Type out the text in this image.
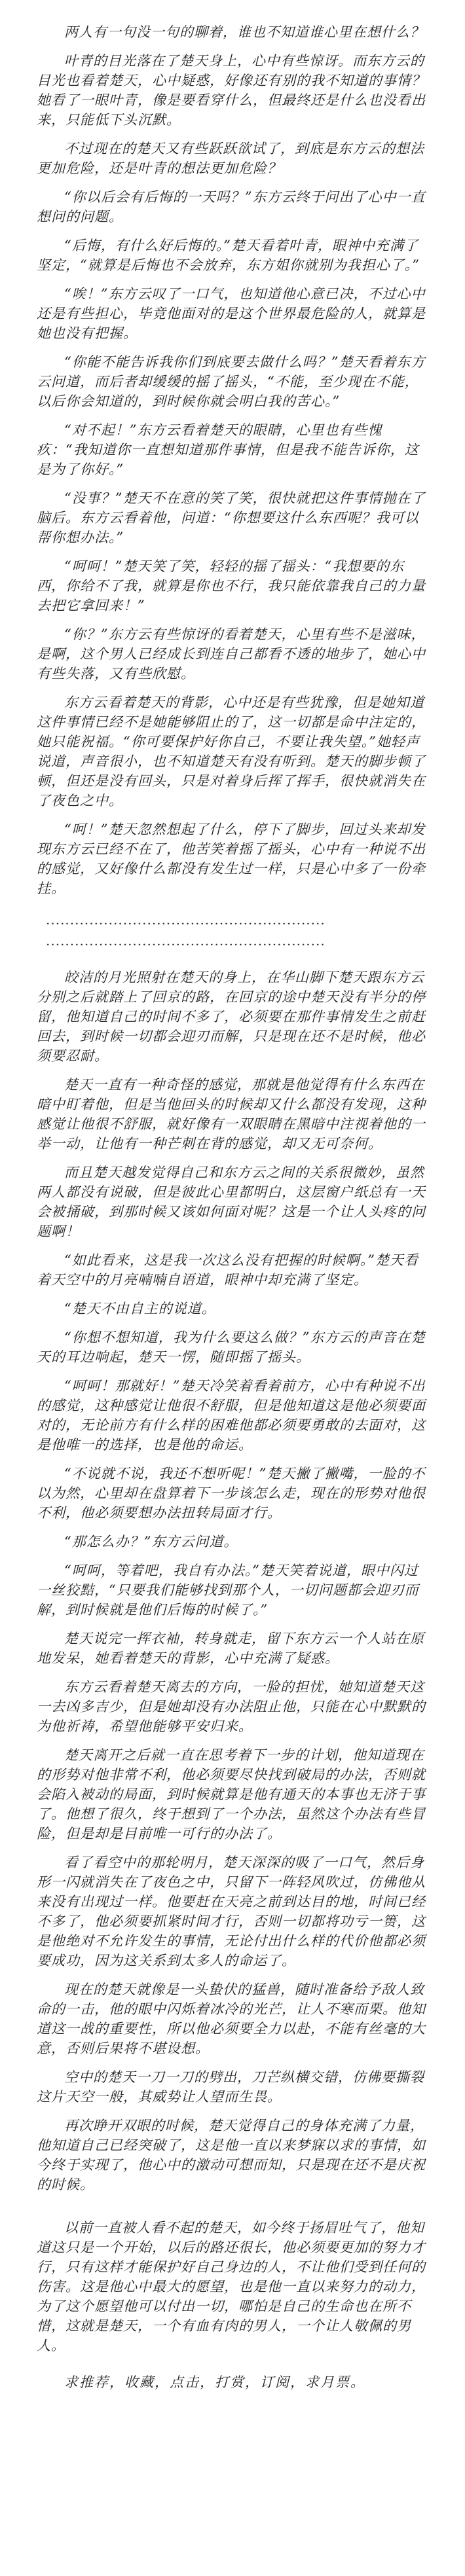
两人有一句没一句的聊着，谁也不知道谁心里在想什么？

叶青的目光落在了楚天身上，心中有些惊讶。而东方云的目光也看着楚天，心中疑惑，好像还有别的我不知道的事情？她看了一眼叶青，像是要看穿什么，但最终还是什么也没看出来，只能低下头沉默。

不过现在的楚天又有些跃跃欲试了，到底是东方云的想法更加危险，还是叶青的想法更加危险？

“你以后会有后悔的一天吗？”东方云终于问出了心中一直想问的问题。

“后悔，有什么好后悔的。”楚天看着叶青，眼神中充满了坚定，“就算是后悔也不会放弃，东方姐你就别为我担心了。”

“唉！”东方云叹了一口气，也知道他心意已决，不过心中还是有些担心，毕竟他面对的是这个世界最危险的人，就算是她也没有把握。

“你能不能告诉我你们到底要去做什么吗？”楚天看着东方云问道，而后者却缓缓的摇了摇头，“不能，至少现在不能，以后你会知道的，到时候你就会明白我的苦心。”

“对不起！”东方云看着楚天的眼睛，心里也有些愧疚：“我知道你一直想知道那件事情，但是我不能告诉你，这是为了你好。”

“没事？”楚天不在意的笑了笑，很快就把这件事情抛在了脑后。东方云看着他，问道：“你想要这什么东西呢？我可以帮你想办法。”

“呵呵！”楚天笑了笑，轻轻的摇了摇头：“我想要的东西，你给不了我，就算是你也不行，我只能依靠我自己的力量去把它拿回来！”

“你？”东方云有些惊讶的看着楚天，心里有些不是滋味，是啊，这个男人已经成长到连自己都看不透的地步了，她心中有些失落，又有些欣慰。

东方云看着楚天的背影，心中还是有些犹豫，但是她知道这件事情已经不是她能够阻止的了，这一切都是命中注定的，她只能祝福。“你可要保护好你自己，不要让我失望。”她轻声说道，声音很小，也不知道楚天有没有听到。楚天的脚步顿了顿，但还是没有回头，只是对着身后挥了挥手，很快就消失在了夜色之中。

“呵！”楚天忽然想起了什么，停下了脚步，回过头来却发现东方云已经不在了，他苦笑着摇了摇头，心中有一种说不出的感觉，又好像什么都没有发生过一样，只是心中多了一份牵挂。

..........................................................

..........................................................

皎洁的月光照射在楚天的身上，在华山脚下楚天跟东方云分别之后就踏上了回京的路，在回京的途中楚天没有半分的停留，他知道自己的时间不多了，必须要在那件事情发生之前赶回去，到时候一切都会迎刃而解，只是现在还不是时候，他必须要忍耐。

楚天一直有一种奇怪的感觉，那就是他觉得有什么东西在暗中盯着他，但是当他回头的时候却又什么都没有发现，这种感觉让他很不舒服，就好像有一双眼睛在黑暗中注视着他的一举一动，让他有一种芒刺在背的感觉，却又无可奈何。

而且楚天越发觉得自己和东方云之间的关系很微妙，虽然两人都没有说破，但是彼此心里都明白，这层窗户纸总有一天会被捅破，到那时候又该如何面对呢？这是一个让人头疼的问题啊！

“如此看来，这是我一次这么没有把握的时候啊。”楚天看着天空中的月亮喃喃自语道，眼神中却充满了坚定。

“楚天不由自主的说道。

“你想不想知道，我为什么要这么做？”东方云的声音在楚天的耳边响起，楚天一愣，随即摇了摇头。

“呵呵！那就好！”楚天冷笑着看着前方，心中有种说不出的感觉，这种感觉让他很不舒服，但是他知道这是他必须要面对的，无论前方有什么样的困难他都必须要勇敢的去面对，这是他唯一的选择，也是他的命运。

“不说就不说，我还不想听呢！”楚天撇了撇嘴，一脸的不以为然，心里却在盘算着下一步该怎么走，现在的形势对他很不利，他必须要想办法扭转局面才行。

“那怎么办？”东方云问道。

“呵呵，等着吧，我自有办法。”楚天笑着说道，眼中闪过一丝狡黠，“只要我们能够找到那个人，一切问题都会迎刃而解，到时候就是他们后悔的时候了。”

楚天说完一挥衣袖，转身就走，留下东方云一个人站在原地发呆，她看着楚天的背影，心中充满了疑惑。

东方云看着楚天离去的方向，一脸的担忧，她知道楚天这一去凶多吉少，但是她却没有办法阻止他，只能在心中默默的为他祈祷，希望他能够平安归来。

楚天离开之后就一直在思考着下一步的计划，他知道现在的形势对他非常不利，他必须要尽快找到破局的办法，否则就会陷入被动的局面，到时候就算是他有通天的本事也无济于事了。他想了很久，终于想到了一个办法，虽然这个办法有些冒险，但是却是目前唯一可行的办法了。

看了看空中的那轮明月，楚天深深的吸了一口气，然后身形一闪就消失在了夜色之中，只留下一阵轻风吹过，仿佛他从来没有出现过一样。他要赶在天亮之前到达目的地，时间已经不多了，他必须要抓紧时间才行，否则一切都将功亏一篑，这是他绝对不允许发生的事情，无论付出什么样的代价他都必须要成功，因为这关系到太多人的命运了。

现在的楚天就像是一头蛰伏的猛兽，随时准备给予敌人致命的一击，他的眼中闪烁着冰冷的光芒，让人不寒而栗。他知道这一战的重要性，所以他必须要全力以赴，不能有丝毫的大意，否则后果将不堪设想。

空中的楚天一刀一刀的劈出，刀芒纵横交错，仿佛要撕裂这片天空一般，其威势让人望而生畏。

再次睁开双眼的时候，楚天觉得自己的身体充满了力量，他知道自己已经突破了，这是他一直以来梦寐以求的事情，如今终于实现了，他心中的激动可想而知，只是现在还不是庆祝的时候。

以前一直被人看不起的楚天，如今终于扬眉吐气了，他知道这只是一个开始，以后的路还很长，他必须要更加的努力才行，只有这样才能保护好自己身边的人，不让他们受到任何的伤害。这是他心中最大的愿望，也是他一直以来努力的动力，为了这个愿望他可以付出一切，哪怕是自己的生命也在所不惜，这就是楚天，一个有血有肉的男人，一个让人敬佩的男人。

求推荐，收藏，点击，打赏，订阅，求月票。
